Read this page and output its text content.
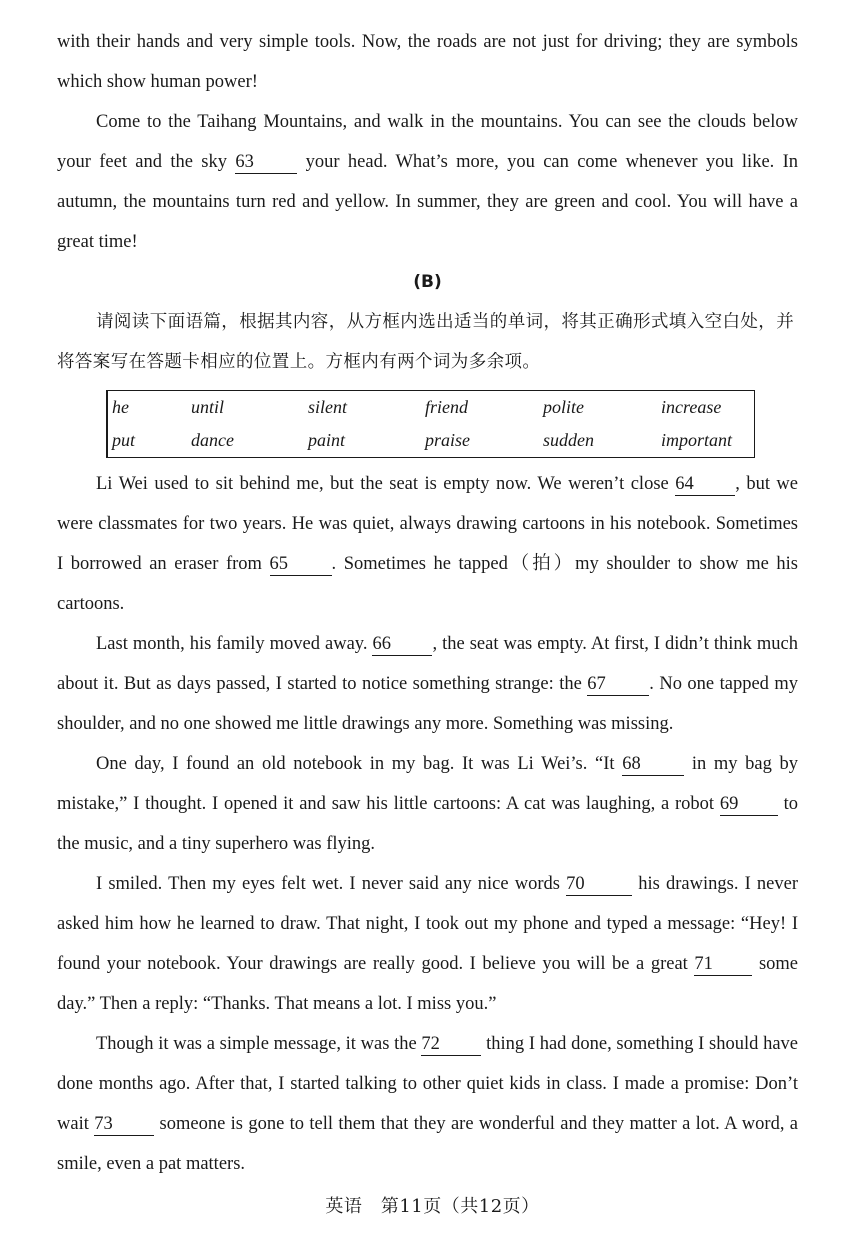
with their hands and very simple tools. Now, the roads are not just for driving; they are symbols which show human power!

Come to the Taihang Mountains, and walk in the mountains. You can see the clouds below your feet and the sky 63	your head. What’s more, you can come whenever you like. In autumn, the mountains turn red and yellow. In summer, they are green and cool. You will have a great time!

(B)

请阅读下面语篇，根据其内容，从方框内选出适当的单词，将其正确形式填入空白处，并将答案写在答题卡相应的位置上。方框内有两个词为多余项。

he	until	silent	friend	polite	increase
put	dance	paint	praise	sudden	important

Li Wei used to sit behind me, but the seat is empty now. We weren’t close 64 , but we were classmates for two years. He was quiet, always drawing cartoons in his notebook. Sometimes I borrowed an eraser from 65 . Sometimes he tapped（拍）my shoulder to show me his cartoons.

Last month, his family moved away. 66 , the seat was empty. At first, I didn’t think much about it. But as days passed, I started to notice something strange: the 67 . No one tapped my shoulder, and no one showed me little drawings any more. Something was missing.

One day, I found an old notebook in my bag. It was Li Wei’s. “It 68	in my bag by mistake,” I thought. I opened it and saw his little cartoons: A cat was laughing, a robot 69 to the music, and a tiny superhero was flying.

I smiled. Then my eyes felt wet. I never said any nice words 70	his drawings. I never asked him how he learned to draw. That night, I took out my phone and typed a message: “Hey! I found your notebook. Your drawings are really good. I believe you will be a great 71 some day.” Then a reply: “Thanks. That means a lot. I miss you.”

Though it was a simple message, it was the 72 thing I had done, something I should have done months ago. After that, I started talking to other quiet kids in class. I made a promise: Don’t wait 73	someone is gone to tell them that they are wonderful and they matter a lot. A word, a smile, even a pat matters.

英语　第11页（共12页）
